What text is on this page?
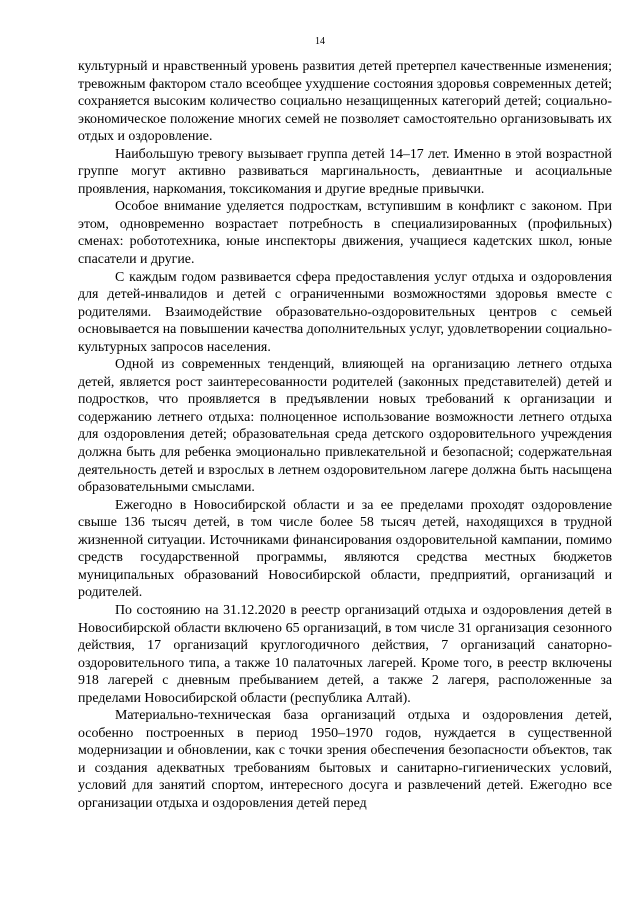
14

культурный и нравственный уровень развития детей претерпел качественные изменения; тревожным фактором стало всеобщее ухудшение состояния здоровья современных детей; сохраняется высоким количество социально незащищенных категорий детей; социально-экономическое положение многих семей не позволяет самостоятельно организовывать их отдых и оздоровление.

Наибольшую тревогу вызывает группа детей 14–17 лет. Именно в этой возрастной группе могут активно развиваться маргинальность, девиантные и асоциальные проявления, наркомания, токсикомания и другие вредные привычки.

Особое внимание уделяется подросткам, вступившим в конфликт с законом. При этом, одновременно возрастает потребность в специализированных (профильных) сменах: робототехника, юные инспекторы движения, учащиеся кадетских школ, юные спасатели и другие.

С каждым годом развивается сфера предоставления услуг отдыха и оздоровления для детей-инвалидов и детей с ограниченными возможностями здоровья вместе с родителями. Взаимодействие образовательно-оздоровительных центров с семьей основывается на повышении качества дополнительных услуг, удовлетворении социально- культурных запросов населения.

Одной из современных тенденций, влияющей на организацию летнего отдыха детей, является рост заинтересованности родителей (законных представителей) детей и подростков, что проявляется в предъявлении новых требований к организации и содержанию летнего отдыха: полноценное использование возможности летнего отдыха для оздоровления детей; образовательная среда детского оздоровительного учреждения должна быть для ребенка эмоционально привлекательной и безопасной; содержательная деятельность детей и взрослых в летнем оздоровительном лагере должна быть насыщена образовательными смыслами.

Ежегодно в Новосибирской области и за ее пределами проходят оздоровление свыше 136 тысяч детей, в том числе более 58 тысяч детей, находящихся в трудной жизненной ситуации. Источниками финансирования оздоровительной кампании, помимо средств государственной программы, являются средства местных бюджетов муниципальных образований Новосибирской области, предприятий, организаций и родителей.

По состоянию на 31.12.2020 в реестр организаций отдыха и оздоровления детей в Новосибирской области включено 65 организаций, в том числе 31 организация сезонного действия, 17 организаций круглогодичного действия, 7 организаций санаторно-оздоровительного типа, а также 10 палаточных лагерей. Кроме того, в реестр включены 918 лагерей с дневным пребыванием детей, а также 2 лагеря, расположенные за пределами Новосибирской области (республика Алтай).

Материально-техническая база организаций отдыха и оздоровления детей, особенно построенных в период 1950–1970 годов, нуждается в существенной модернизации и обновлении, как с точки зрения обеспечения безопасности объектов, так и создания адекватных требованиям бытовых и санитарно-гигиенических условий, условий для занятий спортом, интересного досуга и развлечений детей. Ежегодно все организации отдыха и оздоровления детей перед
